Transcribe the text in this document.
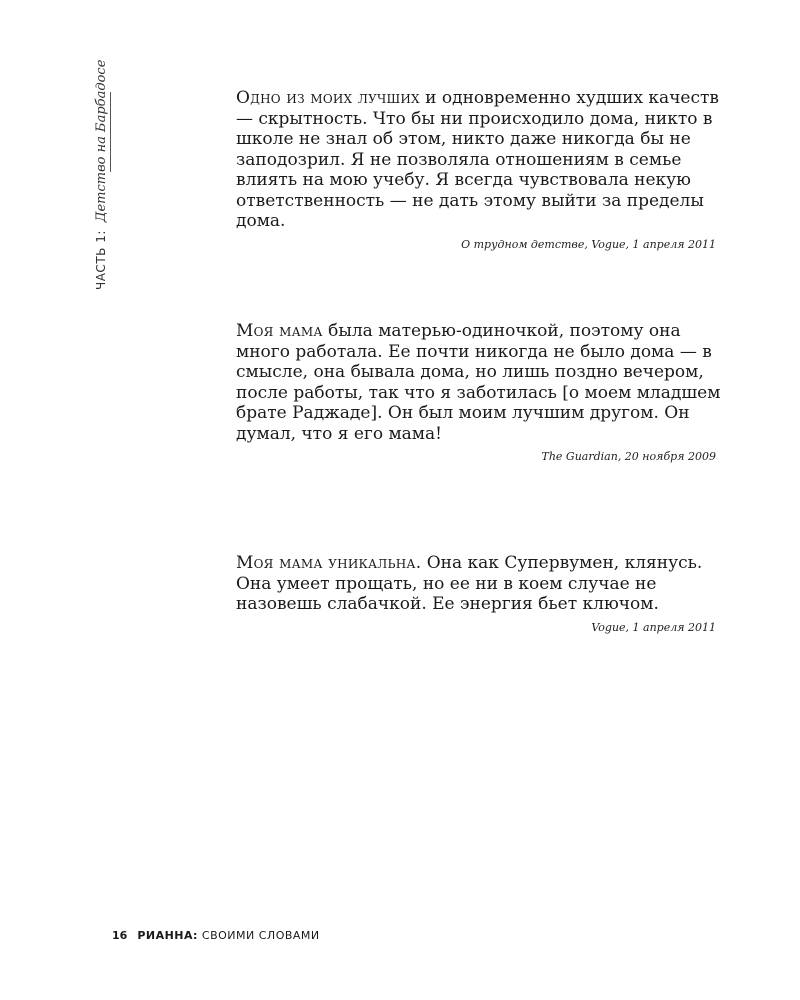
ЧАСТЬ 1:
Детство на Барбадосе	Одно из моих лучших и одновременно худших качеств — скрытность. Что бы ни происходило дома, никто в школе не знал об этом, никто даже никогда бы не заподозрил. Я не позволяла отношениям в семье влиять на мою учебу. Я всегда чувствовала некую ответственность — не дать этому выйти за пределы дома.

О трудном детстве, Vogue, 1 апреля 2011

Моя мама была матерью-одиночкой, поэтому она много работала. Ее почти никогда не было дома — в смысле, она бывала дома, но лишь поздно вечером, после работы, так что я заботилась [о моем младшем брате Раджаде]. Он был моим лучшим другом. Он думал, что я его мама!

The Guardian, 20 ноября 2009

Моя мама уникальна. Она как Супервумен, клянусь. Она умеет прощать, но ее ни в коем случае не назовешь слабачкой. Ее энергия бьет ключом.

Vogue, 1 апреля 2011
16 РИАННА: СВОИМИ СЛОВАМИ
